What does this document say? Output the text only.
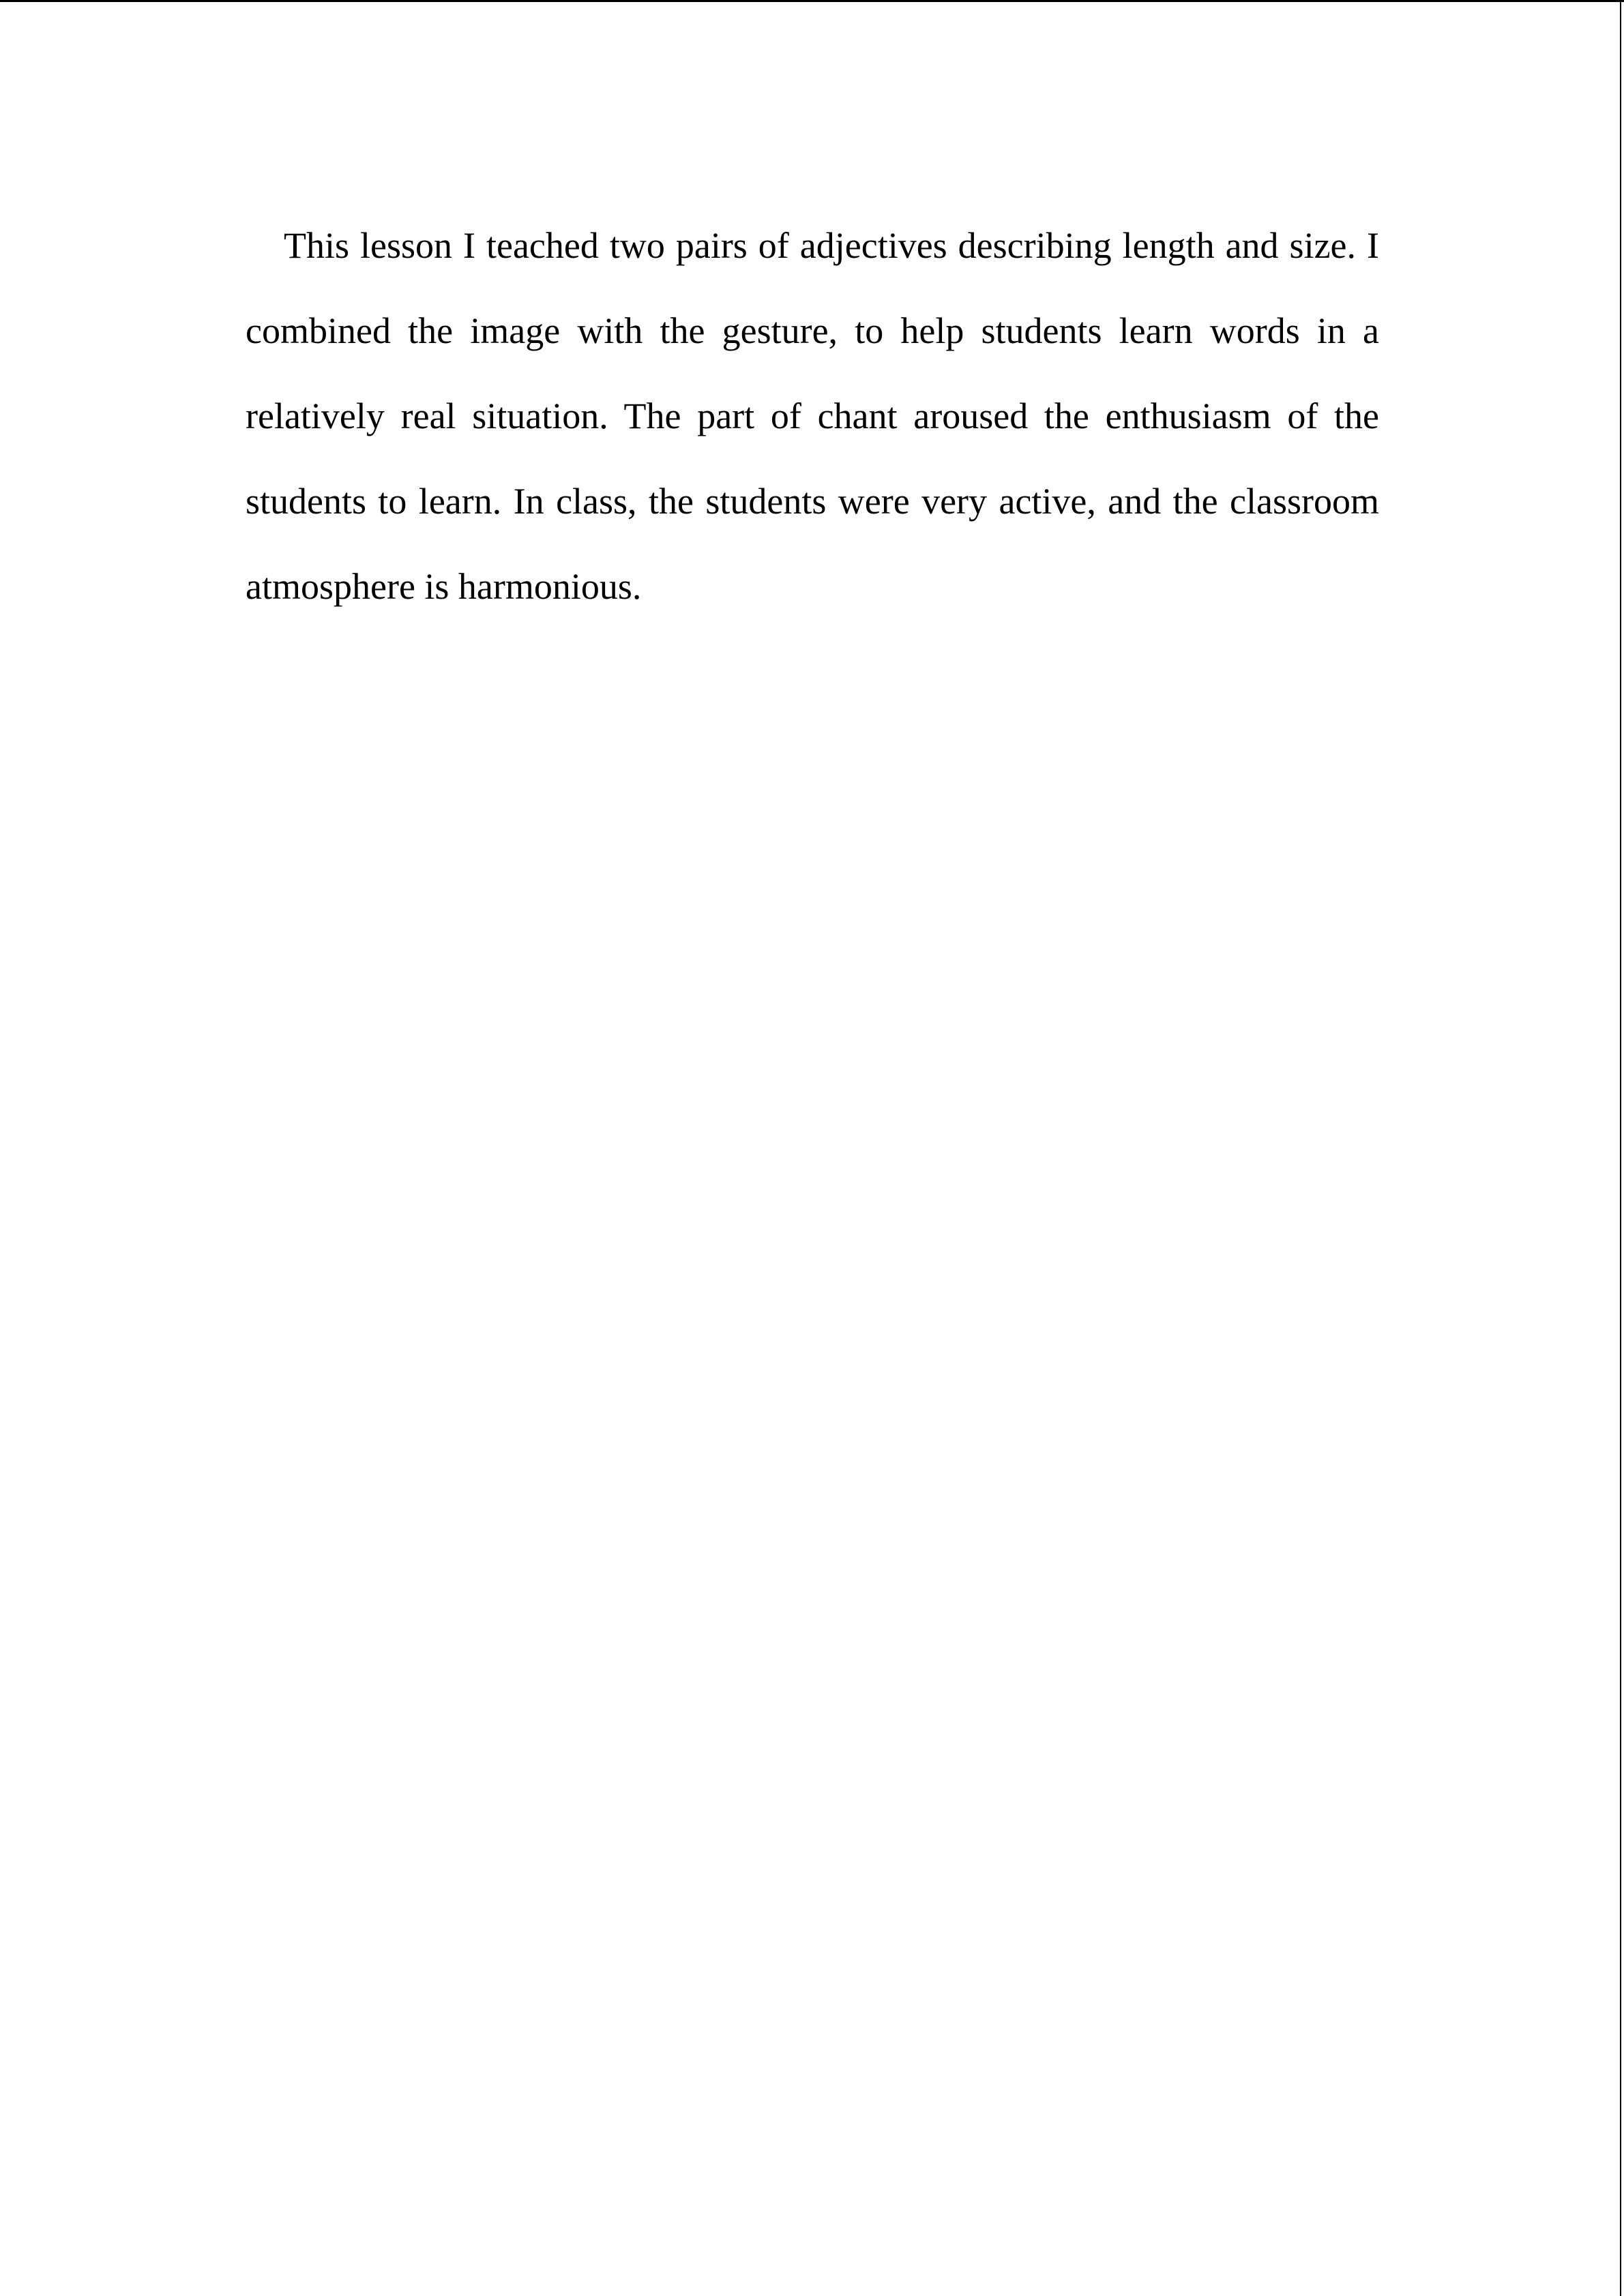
This lesson I teached two pairs of adjectives describing length and size. I combined the image with the gesture, to help students learn words in a relatively real situation. The part of chant aroused the enthusiasm of the students to learn. In class, the students were very active, and the classroom atmosphere is harmonious.
